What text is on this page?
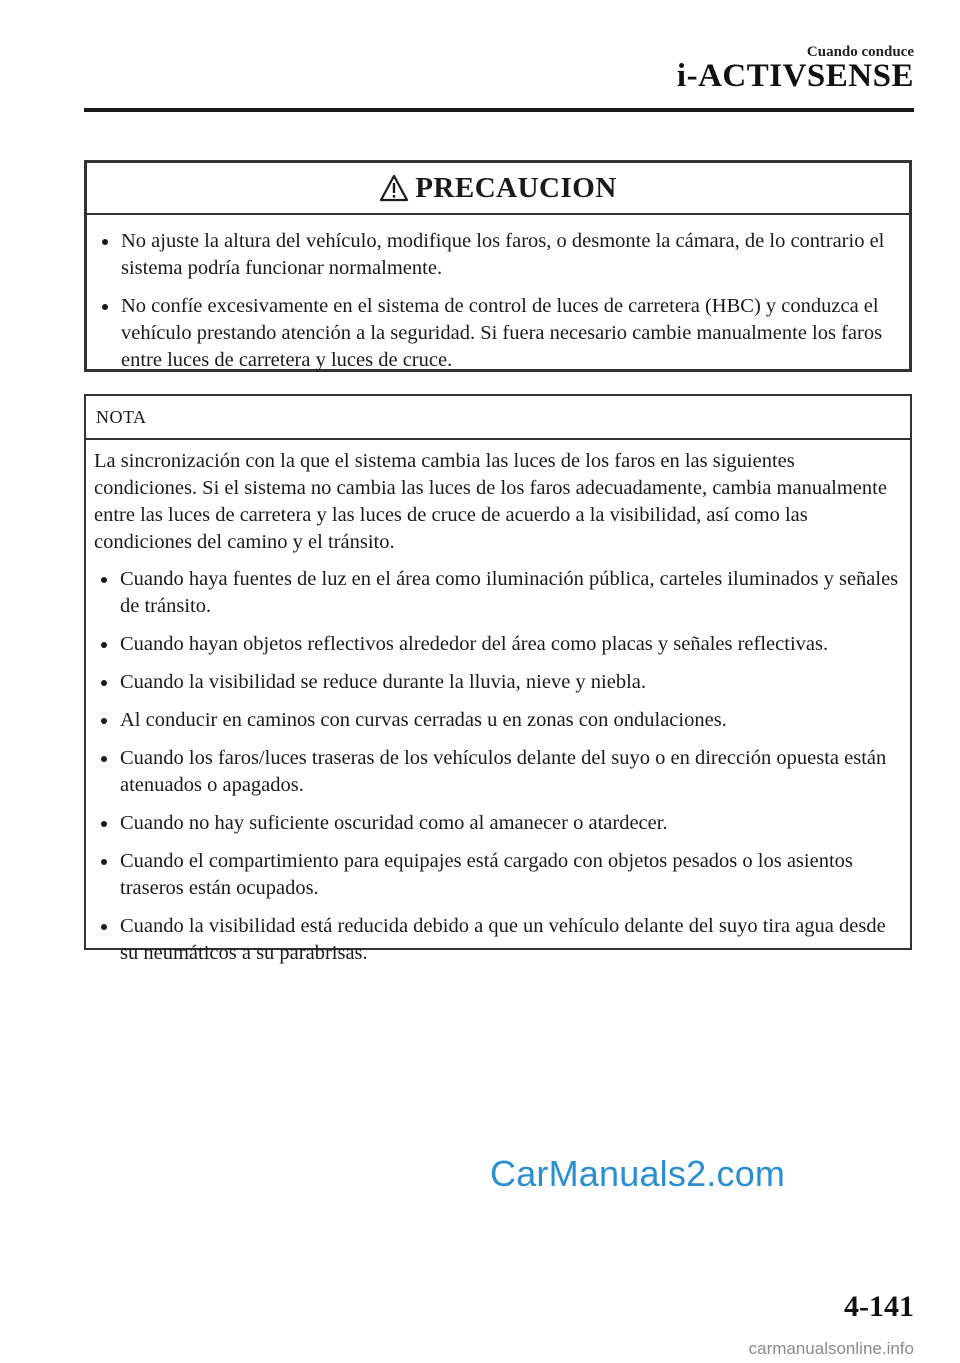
Cuando conduce
i-ACTIVSENSE
PRECAUCION
No ajuste la altura del vehículo, modifique los faros, o desmonte la cámara, de lo contrario el sistema podría funcionar normalmente.
No confíe excesivamente en el sistema de control de luces de carretera (HBC) y conduzca el vehículo prestando atención a la seguridad. Si fuera necesario cambie manualmente los faros entre luces de carretera y luces de cruce.
NOTA

La sincronización con la que el sistema cambia las luces de los faros en las siguientes condiciones. Si el sistema no cambia las luces de los faros adecuadamente, cambia manualmente entre las luces de carretera y las luces de cruce de acuerdo a la visibilidad, así como las condiciones del camino y el tránsito.

Cuando haya fuentes de luz en el área como iluminación pública, carteles iluminados y señales de tránsito.
Cuando hayan objetos reflectivos alrededor del área como placas y señales reflectivas.
Cuando la visibilidad se reduce durante la lluvia, nieve y niebla.
Al conducir en caminos con curvas cerradas u en zonas con ondulaciones.
Cuando los faros/luces traseras de los vehículos delante del suyo o en dirección opuesta están atenuados o apagados.
Cuando no hay suficiente oscuridad como al amanecer o atardecer.
Cuando el compartimiento para equipajes está cargado con objetos pesados o los asientos traseros están ocupados.
Cuando la visibilidad está reducida debido a que un vehículo delante del suyo tira agua desde su neumáticos a su parabrisas.
CarManuals2.com
4-141
carmanualsonline.info
